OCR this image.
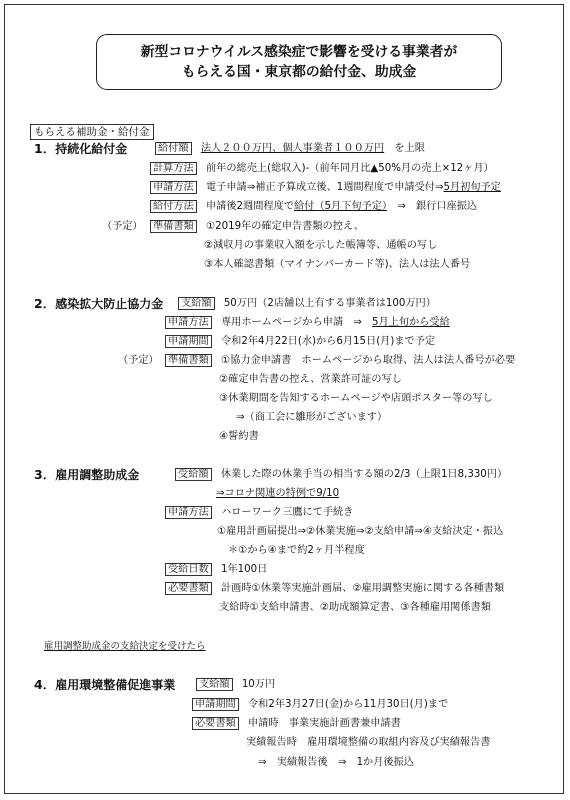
新型コロナウイルス感染症で影響を受ける事業者が
もらえる国・東京都の給付金、助成金
もらえる補助金・給付金
1．持続化給付金	給付額 法人２００万円、個人事業者１００万円　を上限
計算方法 前年の総売上(総収入)-（前年同月比▲50%月の売上×12ヶ月）
申請方法 電子申請⇒補正予算成立後、1週間程度で申請受付⇒5月初旬予定
給付方法 申請後2週間程度で給付（5月下旬予定）　⇒　銀行口座振込
（予定） 準備書類 ①2019年の確定申告書類の控え、
②減収月の事業収入額を示した帳簿等、通帳の写し
③本人確認書類（マイナンバーカード等)、法人は法人番号
2．感染拡大防止協力金 支給額 50万円（2店舗以上有する事業者は100万円）
申請方法 専用ホームページから申請　⇒　5月上旬から受給
申請期間 令和2年4月22日(水)から6月15日(月)まで予定
（予定） 準備書類 ①協力金申請書　ホームページから取得、法人は法人番号が必要
②確定申告書の控え、営業許可証の写し
③休業期間を告知するホームページや店頭ポスター等の写し
⇒（商工会に雛形がございます）
④誓約書
3．雇用調整助成金	受給額 休業した際の休業手当の相当する額の2/3（上限1日8,330円）
⇒コロナ関連の特例で9/10
申請方法 ハローワーク三鷹にて手続き
①雇用計画届提出⇒②休業実施⇒②支給申請⇒④支給決定・振込
＊①から④まで約2ヶ月半程度
受給日数 1年100日
必要書類 計画時①休業等実施計画届、②雇用調整実施に関する各種書類
支給時①支給申請書、②助成額算定書、③各種雇用関係書類
雇用調整助成金の支給決定を受けたら
4．雇用環境整備促進事業 支給額 10万円
申請期間 令和2年3月27日(金)から11月30日(月)まで
必要書類 申請時　事業実施計画書兼申請書
実績報告時　雇用環境整備の取組内容及び実績報告書
⇒　実績報告後　⇒　1か月後振込
